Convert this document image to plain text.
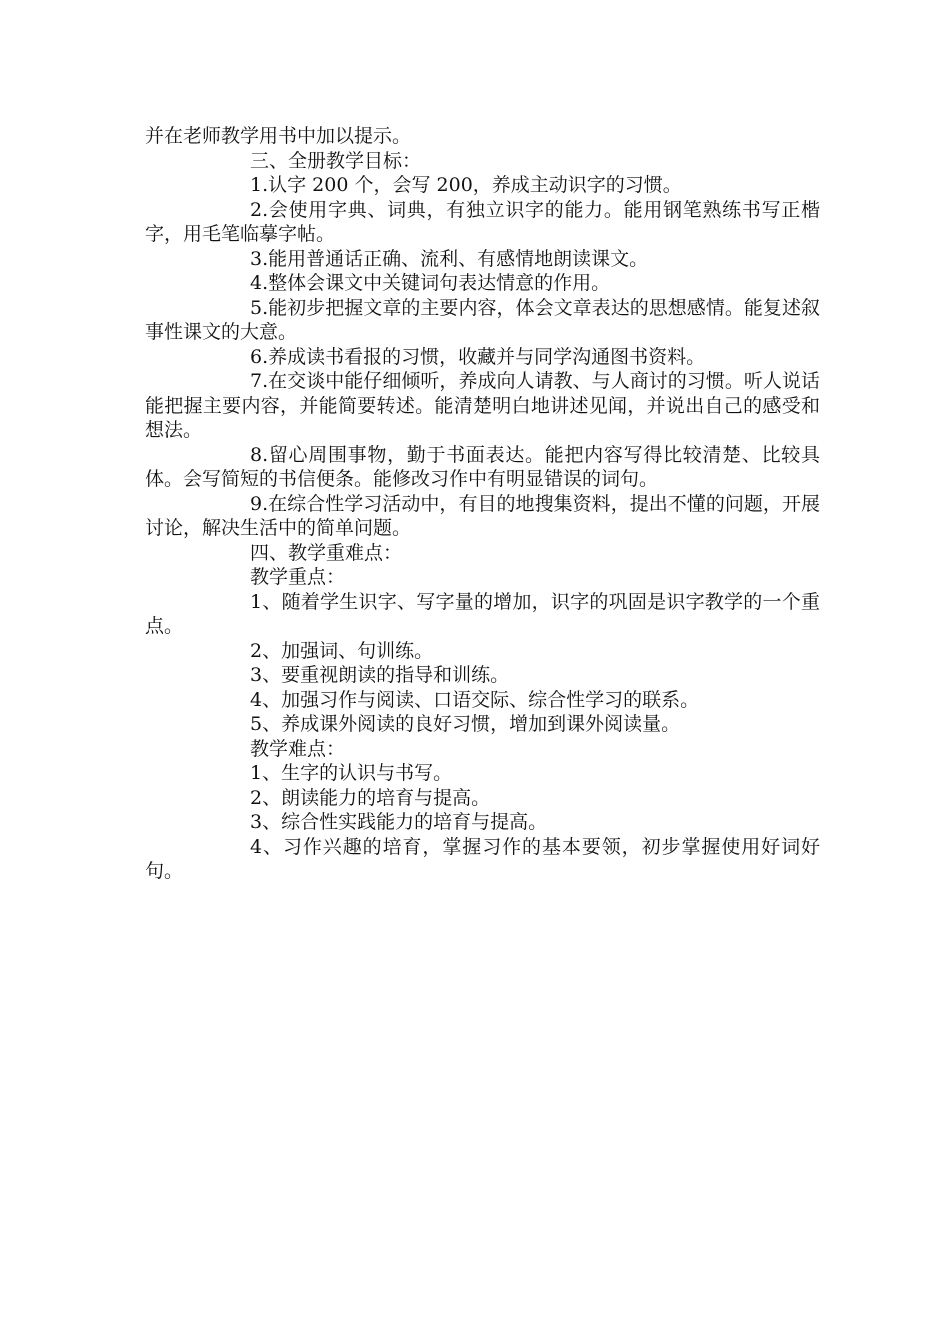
并在老师教学用书中加以提示。

三、全册教学目标：

1.认字 200 个，会写 200，养成主动识字的习惯。

2.会使用字典、词典，有独立识字的能力。能用钢笔熟练书写正楷字，用毛笔临摹字帖。

3.能用普通话正确、流利、有感情地朗读课文。

4.整体会课文中关键词句表达情意的作用。

5.能初步把握文章的主要内容，体会文章表达的思想感情。能复述叙事性课文的大意。

6.养成读书看报的习惯，收藏并与同学沟通图书资料。

7.在交谈中能仔细倾听，养成向人请教、与人商讨的习惯。听人说话能把握主要内容，并能简要转述。能清楚明白地讲述见闻，并说出自己的感受和想法。

8.留心周围事物，勤于书面表达。能把内容写得比较清楚、比较具体。会写简短的书信便条。能修改习作中有明显错误的词句。

9.在综合性学习活动中，有目的地搜集资料，提出不懂的问题，开展讨论，解决生活中的简单问题。

四、教学重难点：

教学重点：

1、随着学生识字、写字量的增加，识字的巩固是识字教学的一个重点。

2、加强词、句训练。

3、要重视朗读的指导和训练。

4、加强习作与阅读、口语交际、综合性学习的联系。

5、养成课外阅读的良好习惯，增加到课外阅读量。

教学难点：

1、生字的认识与书写。

2、朗读能力的培育与提高。

3、综合性实践能力的培育与提高。

4、习作兴趣的培育，掌握习作的基本要领，初步掌握使用好词好句。
